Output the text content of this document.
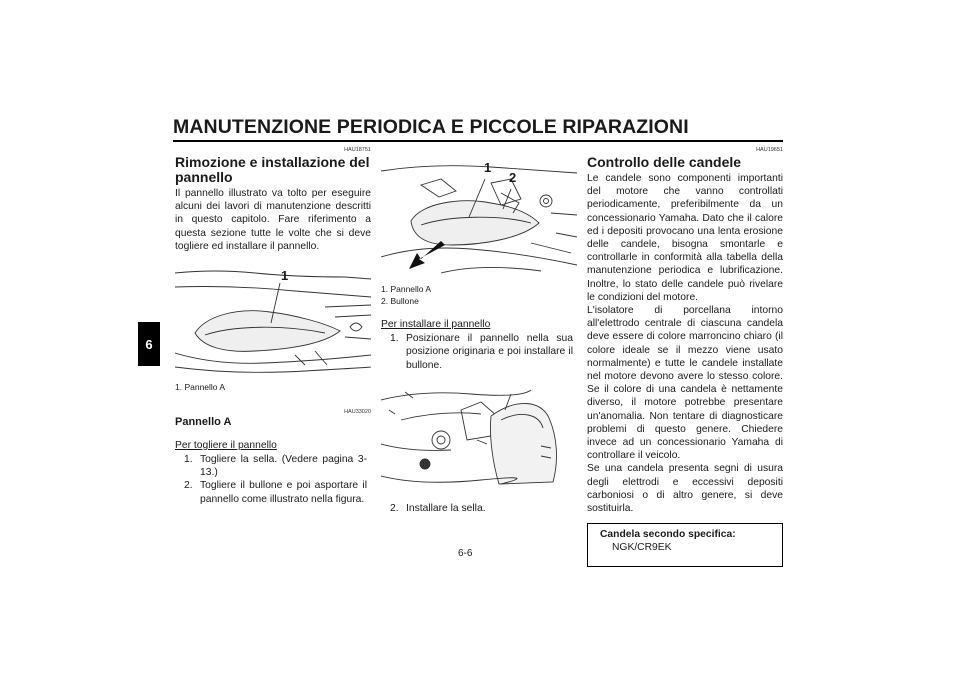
MANUTENZIONE PERIODICA E PICCOLE RIPARAZIONI
6
HAU18751
Rimozione e installazione del pannello

Il pannello illustrato va tolto per eseguire alcuni dei lavori di manutenzione descritti in questo capitolo. Fare riferimento a questa sezione tutte le volte che si deve togliere ed installare il pannello.

1
1. Pannello A
HAU33020
Pannello A
Per togliere il pannello
1. Togliere la sella. (Vedere pagina 3-13.)
2. Togliere il bullone e poi asportare il pannello come illustrato nella figura.
1
2
1. Pannello A
2. Bullone
Per installare il pannello
1. Posizionare il pannello nella sua posizione originaria e poi installare il bullone.
2. Installare la sella.
HAU19651
Controllo delle candele

Le candele sono componenti importanti del motore che vanno controllati periodicamente, preferibilmente da un concessionario Yamaha. Dato che il calore ed i depositi provocano una lenta erosione delle candele, bisogna smontarle e controllarle in conformità alla tabella della manutenzione periodica e lubrificazione. Inoltre, lo stato delle candele può rivelare le condizioni del motore.

L'isolatore di porcellana intorno all'elettrodo centrale di ciascuna candela deve essere di colore marroncino chiaro (il colore ideale se il mezzo viene usato normalmente) e tutte le candele installate nel motore devono avere lo stesso colore. Se il colore di una candela è nettamente diverso, il motore potrebbe presentare un'anomalia. Non tentare di diagnosticare problemi di questo genere. Chiedere invece ad un concessionario Yamaha di controllare il veicolo.

Se una candela presenta segni di usura degli elettrodi e eccessivi depositi carboniosi o di altro genere, si deve sostituirla.

Candela secondo specifica:
NGK/CR9EK
6-6
